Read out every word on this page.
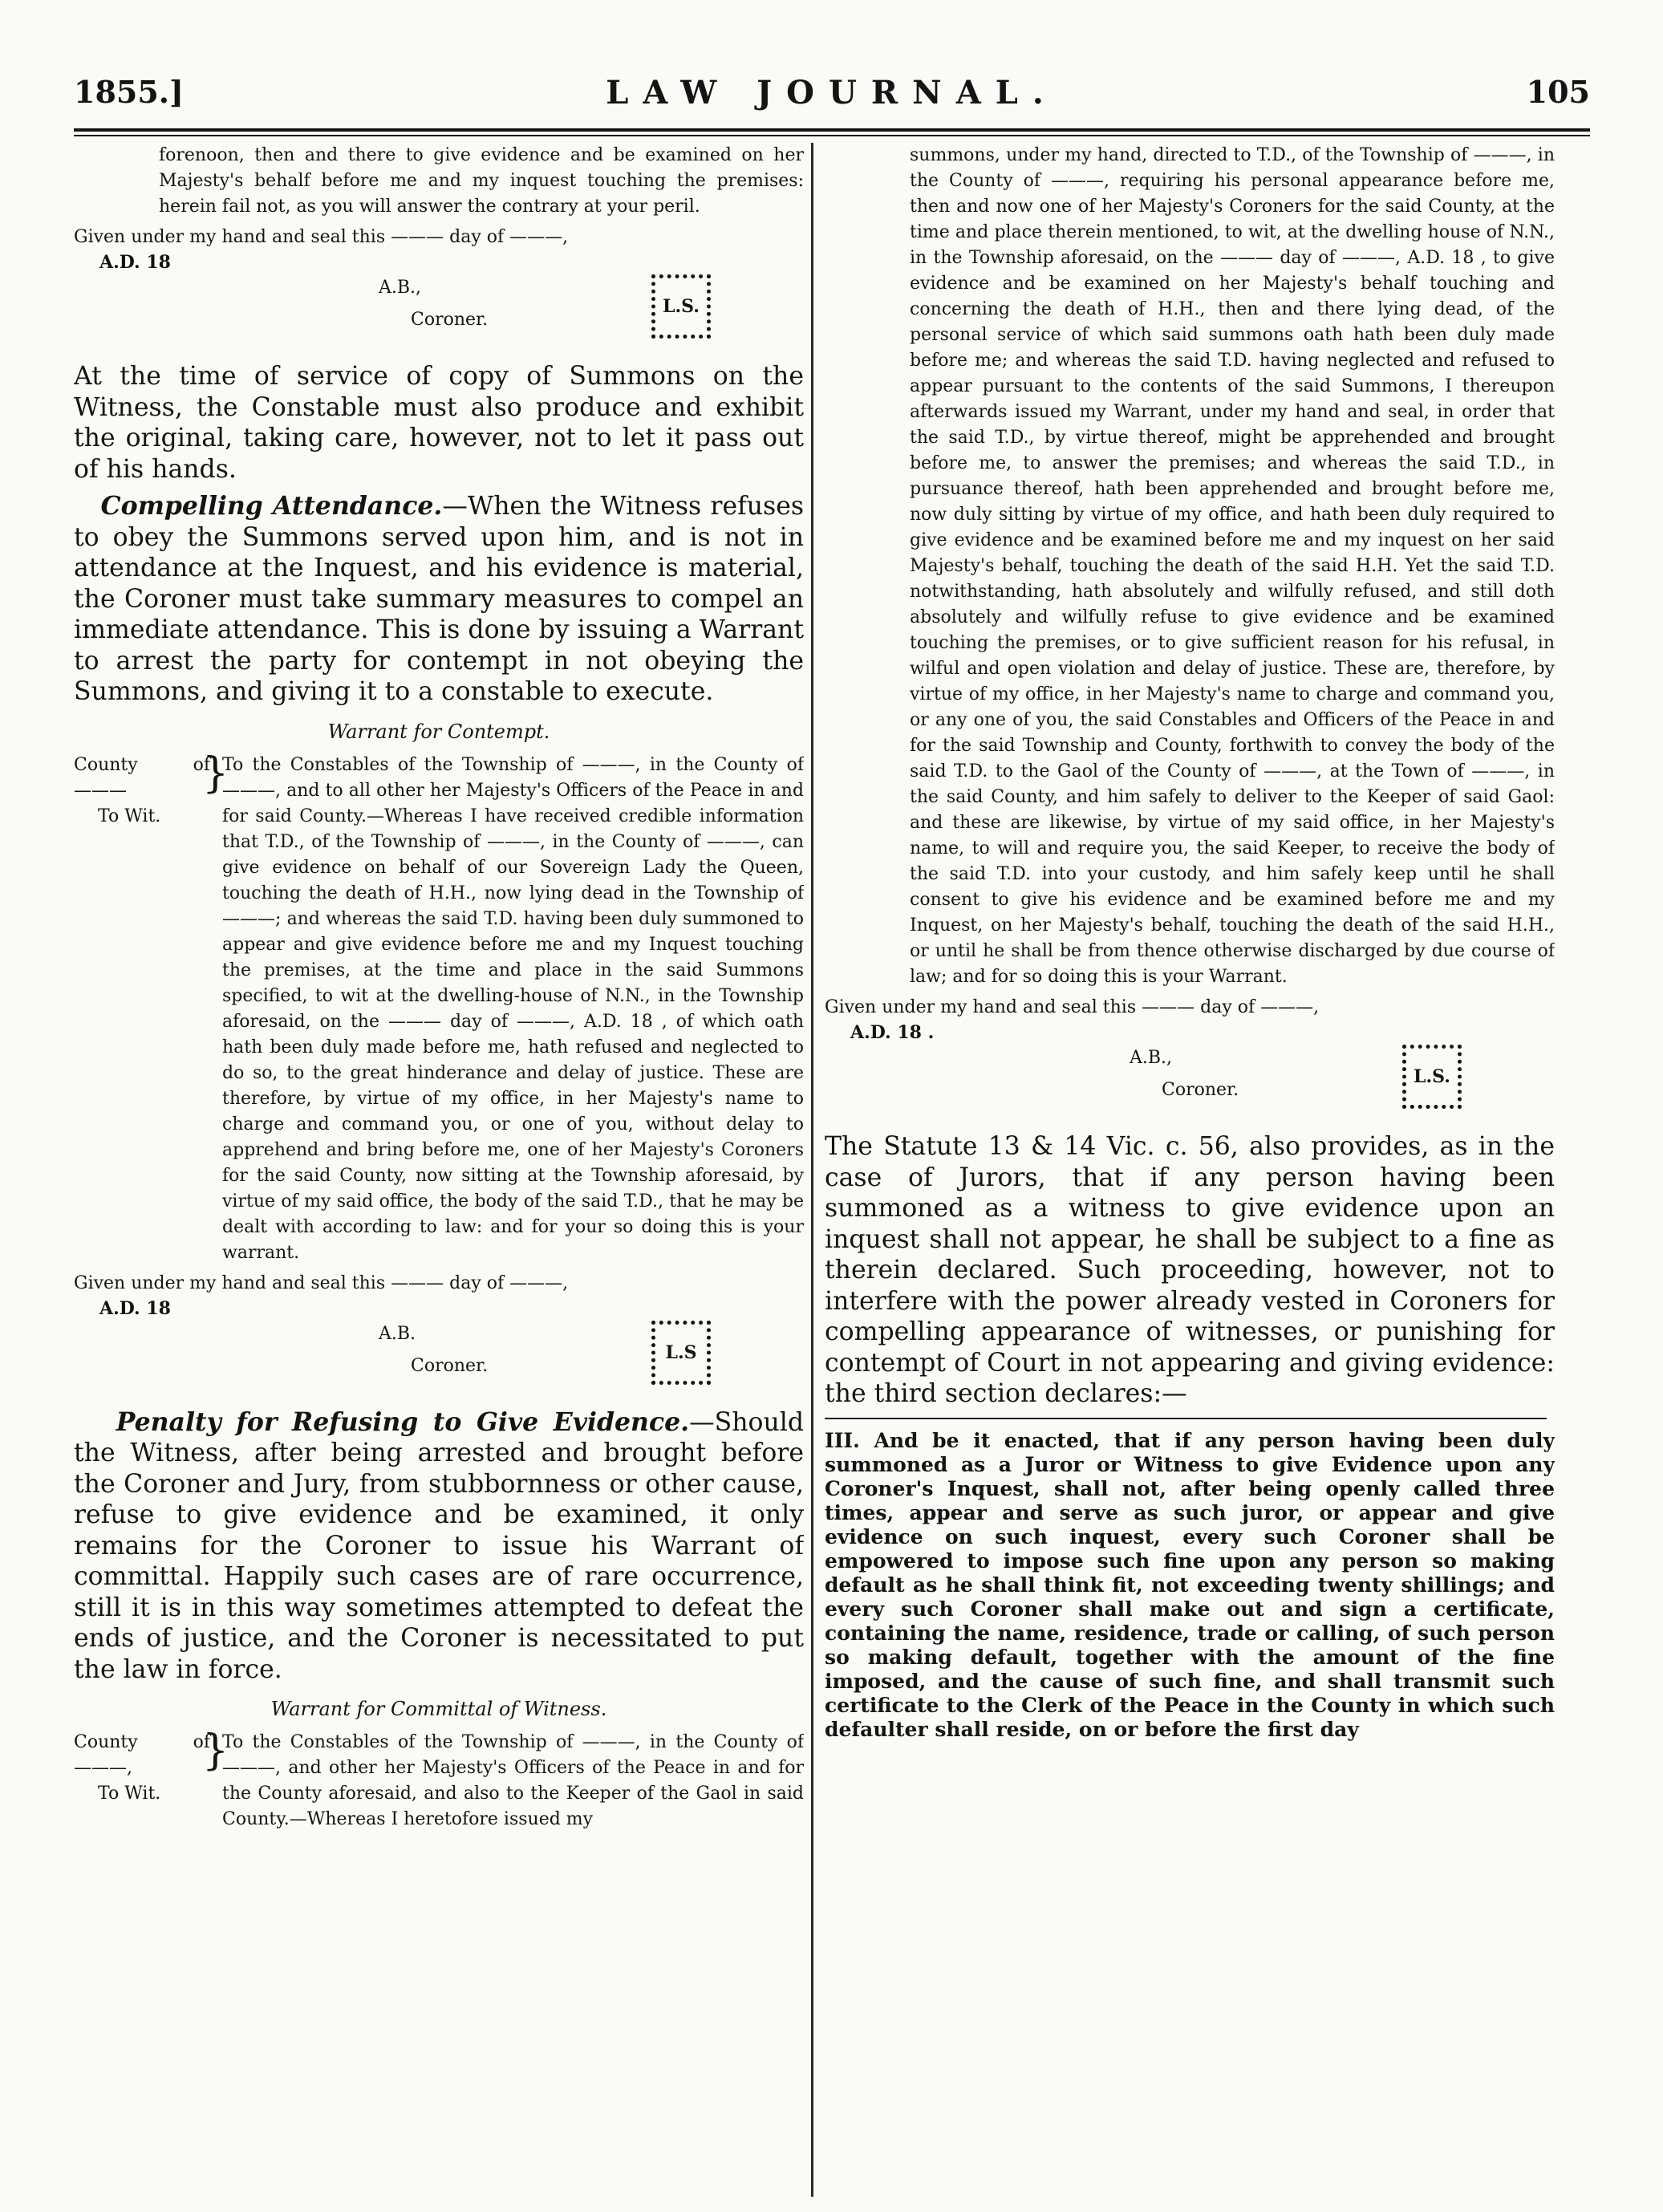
1855.]	LAW JOURNAL.	105

forenoon, then and there to give evidence and be examined on her Majesty's behalf before me and my inquest touching the premises: herein fail not, as you will answer the contrary at your peril.

Given under my hand and seal this ——— day of ———,

A.D. 18
A.B.,
Coroner.
L.S.

At the time of service of copy of Summons on the Witness, the Constable must also produce and exhibit the original, taking care, however, not to let it pass out of his hands.

Compelling Attendance.—When the Witness refuses to obey the Summons served upon him, and is not in attendance at the Inquest, and his evidence is material, the Coroner must take summary measures to compel an immediate attendance. This is done by issuing a Warrant to arrest the party for contempt in not obeying the Summons, and giving it to a constable to execute.

Warrant for Contempt.
County of ———
To Wit.
}

To the Constables of the Township of ———, in the County of ———, and to all other her Majesty's Officers of the Peace in and for said County.—Whereas I have received credible information that T.D., of the Township of ———, in the County of ———, can give evidence on behalf of our Sovereign Lady the Queen, touching the death of H.H., now lying dead in the Township of ———; and whereas the said T.D. having been duly summoned to appear and give evidence before me and my Inquest touching the premises, at the time and place in the said Summons specified, to wit at the dwelling-house of N.N., in the Township aforesaid, on the ——— day of ———, A.D. 18 , of which oath hath been duly made before me, hath refused and neglected to do so, to the great hinderance and delay of justice. These are therefore, by virtue of my office, in her Majesty's name to charge and command you, or one of you, without delay to apprehend and bring before me, one of her Majesty's Coroners for the said County, now sitting at the Township aforesaid, by virtue of my said office, the body of the said T.D., that he may be dealt with according to law: and for your so doing this is your warrant.

Given under my hand and seal this ——— day of ———,

A.D. 18
A.B.
Coroner.
L.S

Penalty for Refusing to Give Evidence.—Should the Witness, after being arrested and brought before the Coroner and Jury, from stubbornness or other cause, refuse to give evidence and be examined, it only remains for the Coroner to issue his Warrant of committal. Happily such cases are of rare occurrence, still it is in this way sometimes attempted to defeat the ends of justice, and the Coroner is necessitated to put the law in force.

Warrant for Committal of Witness.
County of ———,
To Wit.
}

To the Constables of the Township of ———, in the County of ———, and other her Majesty's Officers of the Peace in and for the County aforesaid, and also to the Keeper of the Gaol in said County.—Whereas I heretofore issued my

summons, under my hand, directed to T.D., of the Township of ———, in the County of ———, requiring his personal appearance before me, then and now one of her Majesty's Coroners for the said County, at the time and place therein mentioned, to wit, at the dwelling house of N.N., in the Township aforesaid, on the ——— day of ———, A.D. 18 , to give evidence and be examined on her Majesty's behalf touching and concerning the death of H.H., then and there lying dead, of the personal service of which said summons oath hath been duly made before me; and whereas the said T.D. having neglected and refused to appear pursuant to the contents of the said Summons, I thereupon afterwards issued my Warrant, under my hand and seal, in order that the said T.D., by virtue thereof, might be apprehended and brought before me, to answer the premises; and whereas the said T.D., in pursuance thereof, hath been apprehended and brought before me, now duly sitting by virtue of my office, and hath been duly required to give evidence and be examined before me and my inquest on her said Majesty's behalf, touching the death of the said H.H. Yet the said T.D. notwithstanding, hath absolutely and wilfully refused, and still doth absolutely and wilfully refuse to give evidence and be examined touching the premises, or to give sufficient reason for his refusal, in wilful and open violation and delay of justice. These are, therefore, by virtue of my office, in her Majesty's name to charge and command you, or any one of you, the said Constables and Officers of the Peace in and for the said Township and County, forthwith to convey the body of the said T.D. to the Gaol of the County of ———, at the Town of ———, in the said County, and him safely to deliver to the Keeper of said Gaol: and these are likewise, by virtue of my said office, in her Majesty's name, to will and require you, the said Keeper, to receive the body of the said T.D. into your custody, and him safely keep until he shall consent to give his evidence and be examined before me and my Inquest, on her Majesty's behalf, touching the death of the said H.H., or until he shall be from thence otherwise discharged by due course of law; and for so doing this is your Warrant.

Given under my hand and seal this ——— day of ———,

A.D. 18 .
A.B.,
Coroner.
L.S.

The Statute 13 & 14 Vic. c. 56, also provides, as in the case of Jurors, that if any person having been summoned as a witness to give evidence upon an inquest shall not appear, he shall be subject to a fine as therein declared. Such proceeding, however, not to interfere with the power already vested in Coroners for compelling appearance of witnesses, or punishing for contempt of Court in not appearing and giving evidence: the third section declares:—

III. And be it enacted, that if any person having been duly summoned as a Juror or Witness to give Evidence upon any Coroner's Inquest, shall not, after being openly called three times, appear and serve as such juror, or appear and give evidence on such inquest, every such Coroner shall be empowered to impose such fine upon any person so making default as he shall think fit, not exceeding twenty shillings; and every such Coroner shall make out and sign a certificate, containing the name, residence, trade or calling, of such person so making default, together with the amount of the fine imposed, and the cause of such fine, and shall transmit such certificate to the Clerk of the Peace in the County in which such defaulter shall reside, on or before the first day
